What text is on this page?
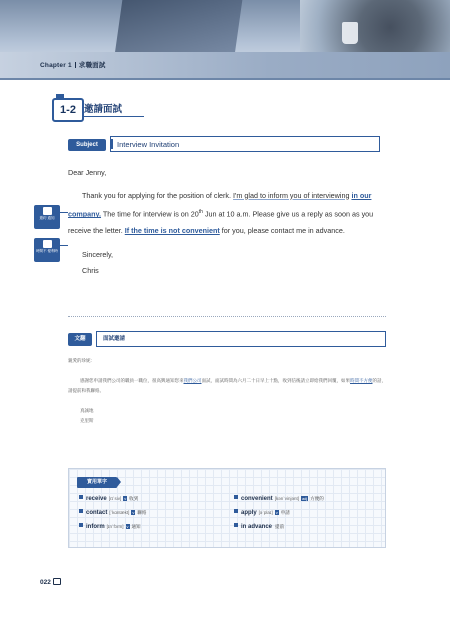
Chapter 1 求職面試
1-2 邀請面試
Subject	Interview Invitation

Dear Jenny,

Thank you for applying for the position of clerk. I'm glad to inform you of interviewing in our company. The time for interview is on 20th Jun at 10 a.m. Please give us a reply as soon as you receive the letter. If the time is not convenient for you, please contact me in advance.

Sincerely,
Chris
邀約 通知
時間不 便利時
文翻	面試邀請

親愛的珍妮：

感謝您申請我們公司的職員一職位，很高興通知您來我們公司面試，面試時間為六月二十日早上十點，收到信後請立即給我們回覆，如果時間不方便的話，請提前和我聯絡。

真誠地
克里斯
實用單字
receive [rɪˋsiv] v 收到	convenient [kənˋvinjənt] adj 方便的
contact [ˋkɑntækt] v 聯絡	apply [əˋplaɪ] v 申請
inform [ɪnˋfɔrm] v 通知	in advance 提前
022
